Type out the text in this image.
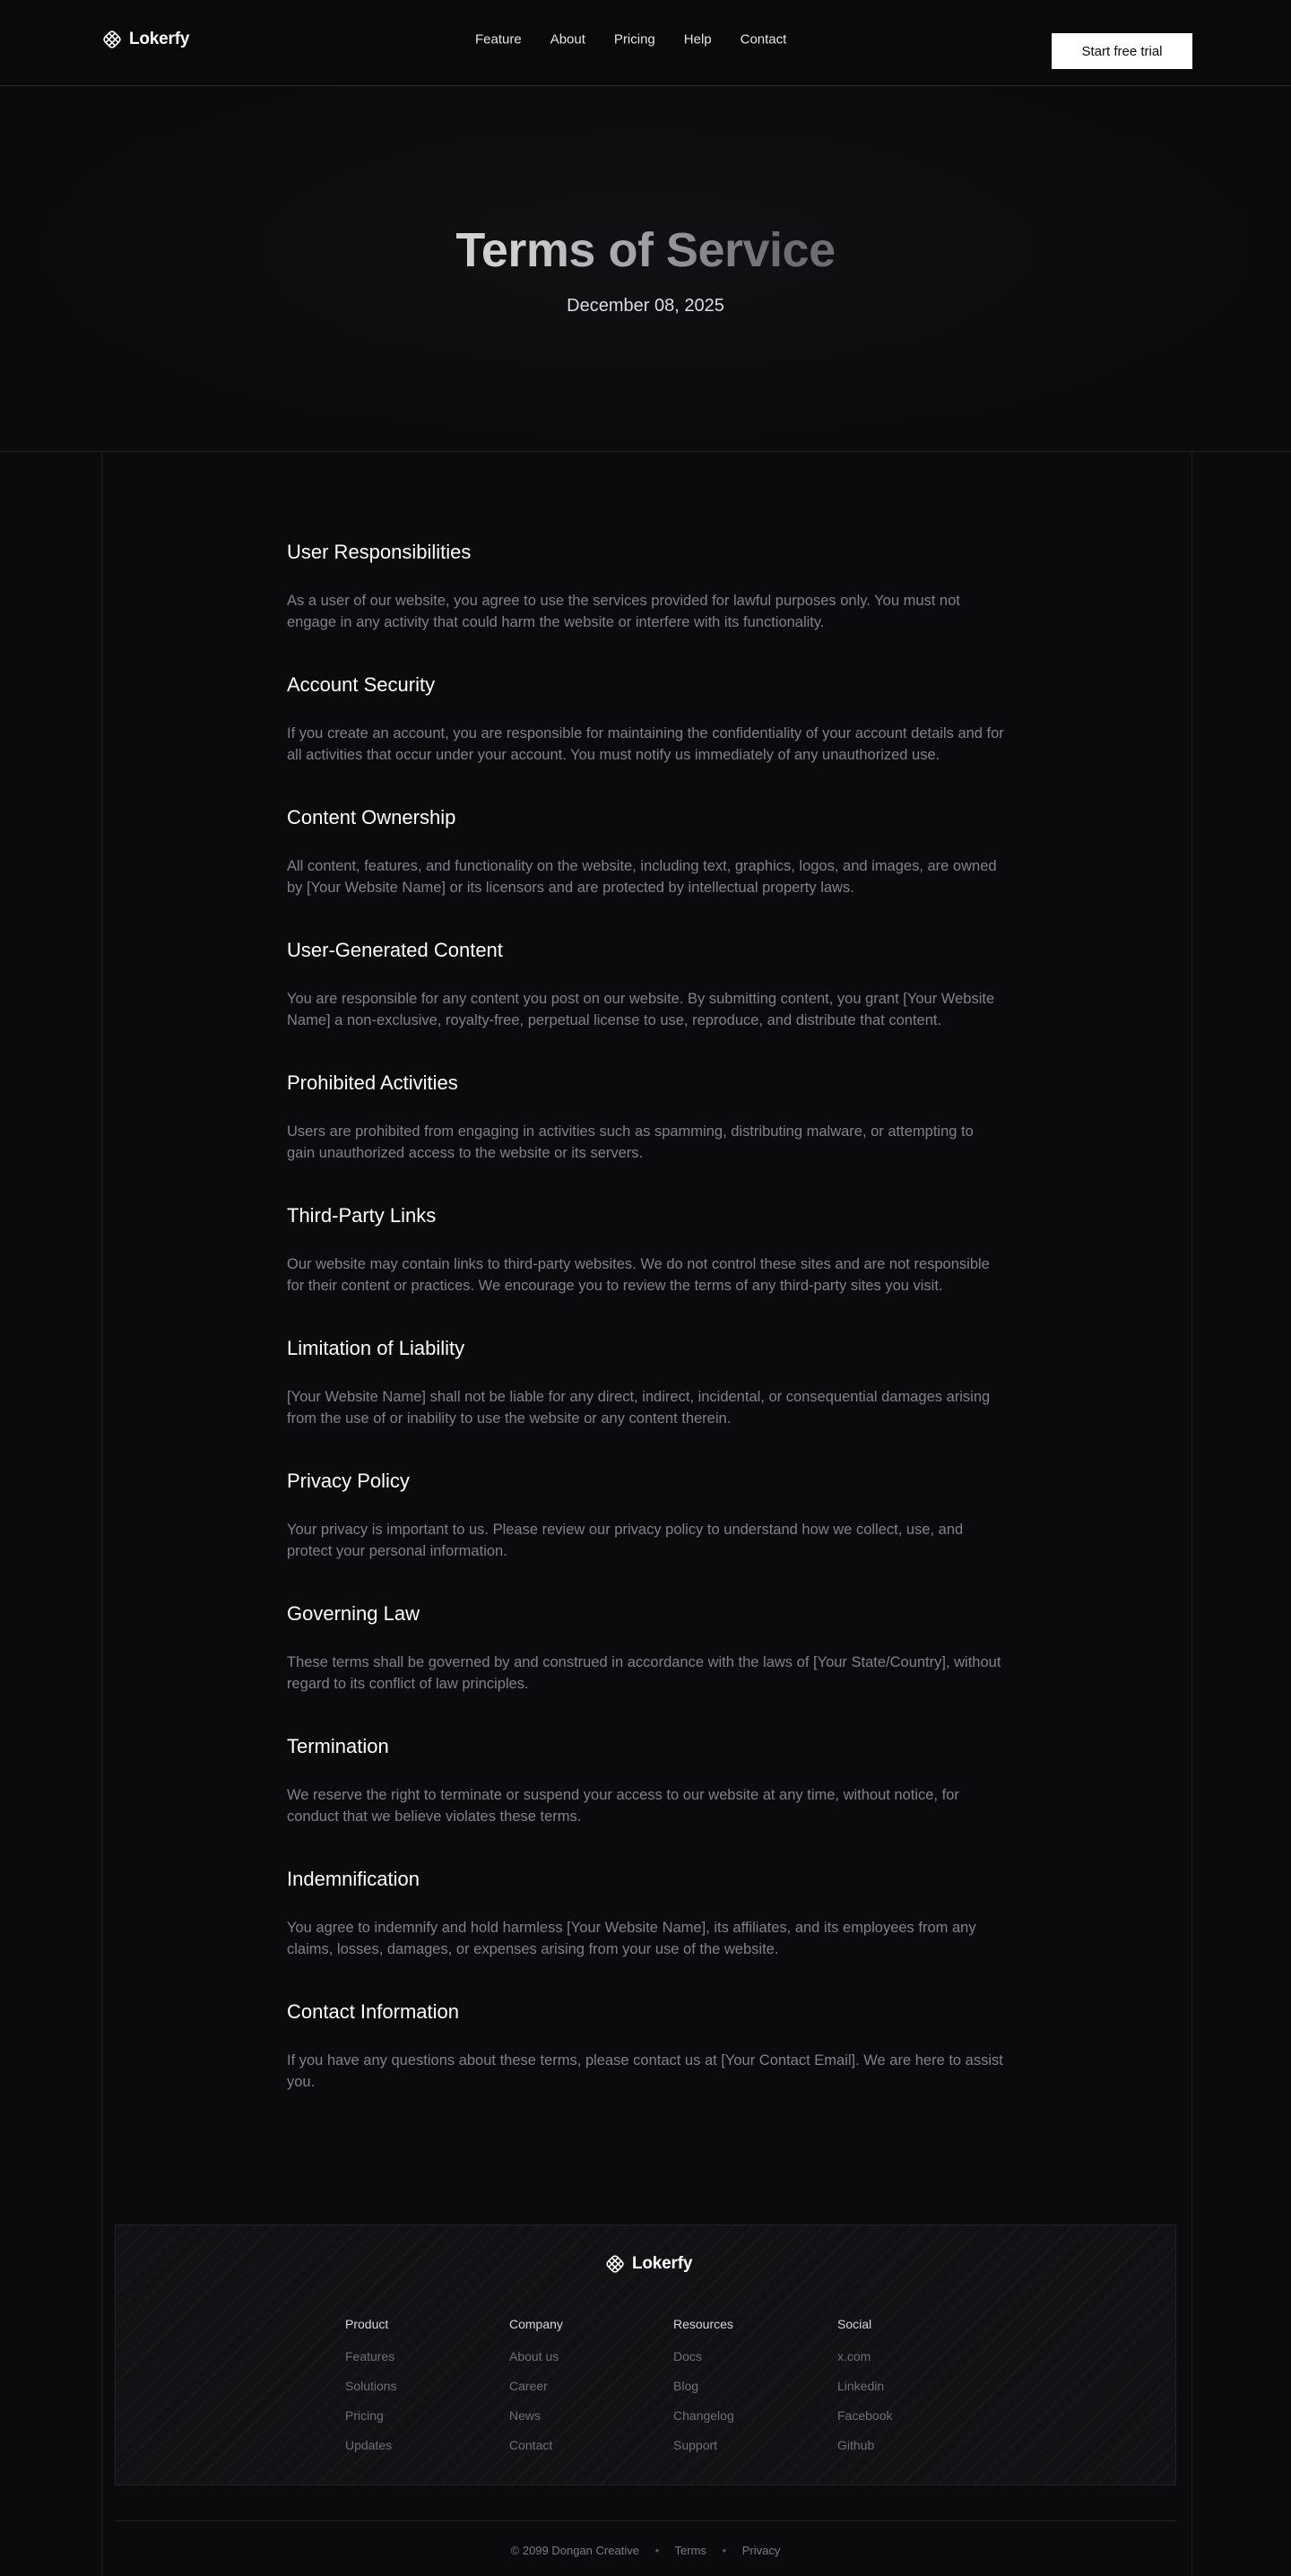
Lokerfy	Feature	About	Pricing	Help	Contact
Start free trial
Terms of Service
December 08, 2025
User Responsibilities

As a user of our website, you agree to use the services provided for lawful purposes only. You must not engage in any activity that could harm the website or interfere with its functionality.

Account Security

If you create an account, you are responsible for maintaining the confidentiality of your account details and for all activities that occur under your account. You must notify us immediately of any unauthorized use.

Content Ownership

All content, features, and functionality on the website, including text, graphics, logos, and images, are owned by [Your Website Name] or its licensors and are protected by intellectual property laws.

User-Generated Content

You are responsible for any content you post on our website. By submitting content, you grant [Your Website Name] a non-exclusive, royalty-free, perpetual license to use, reproduce, and distribute that content.

Prohibited Activities

Users are prohibited from engaging in activities such as spamming, distributing malware, or attempting to gain unauthorized access to the website or its servers.

Third-Party Links

Our website may contain links to third-party websites. We do not control these sites and are not responsible for their content or practices. We encourage you to review the terms of any third-party sites you visit.

Limitation of Liability

[Your Website Name] shall not be liable for any direct, indirect, incidental, or consequential damages arising from the use of or inability to use the website or any content therein.

Privacy Policy

Your privacy is important to us. Please review our privacy policy to understand how we collect, use, and protect your personal information.

Governing Law

These terms shall be governed by and construed in accordance with the laws of [Your State/Country], without regard to its conflict of law principles.

Termination

We reserve the right to terminate or suspend your access to our website at any time, without notice, for conduct that we believe violates these terms.

Indemnification

You agree to indemnify and hold harmless [Your Website Name], its affiliates, and its employees from any claims, losses, damages, or expenses arising from your use of the website.

Contact Information

If you have any questions about these terms, please contact us at [Your Contact Email]. We are here to assist you.

Lokerfy
Product
Features
Solutions
Pricing
Updates
Company
About us
Career
News
Contact
Resources
Docs
Blog
Changelog
Support
Social
x.com
Linkedin
Facebook
Github
© 2099 Dongan Creative • Terms • Privacy
